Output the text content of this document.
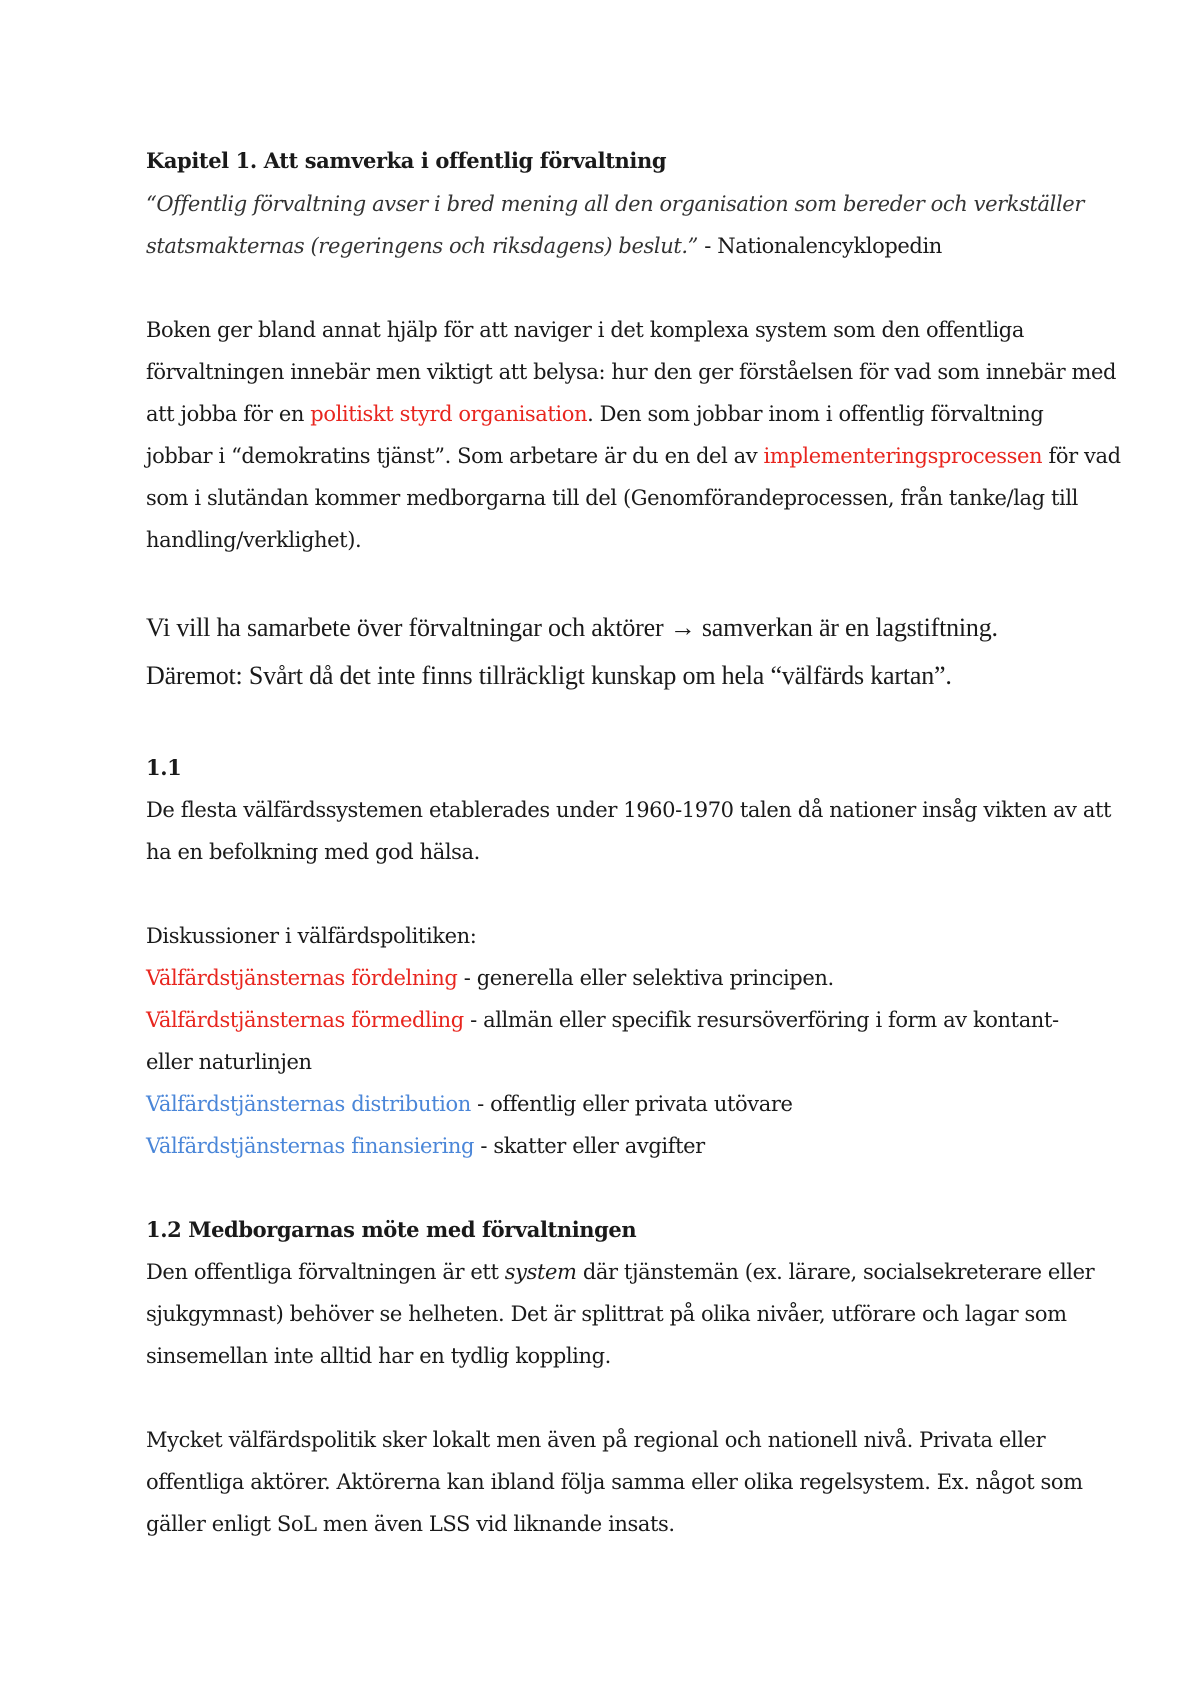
Kapitel 1. Att samverka i offentlig förvaltning
“Offentlig förvaltning avser i bred mening all den organisation som bereder och verkställer
statsmakternas (regeringens och riksdagens) beslut.” - Nationalencyklopedin
Boken ger bland annat hjälp för att naviger i det komplexa system som den offentliga
förvaltningen innebär men viktigt att belysa: hur den ger förståelsen för vad som innebär med
att jobba för en politiskt styrd organisation. Den som jobbar inom i offentlig förvaltning
jobbar i “demokratins tjänst”. Som arbetare är du en del av implementeringsprocessen för vad
som i slutändan kommer medborgarna till del (Genomförandeprocessen, från tanke/lag till
handling/verklighet).
Vi vill ha samarbete över förvaltningar och aktörer → samverkan är en lagstiftning.
Däremot: Svårt då det inte finns tillräckligt kunskap om hela “välfärds kartan”.
1.1
De flesta välfärdssystemen etablerades under 1960-1970 talen då nationer insåg vikten av att
ha en befolkning med god hälsa.
Diskussioner i välfärdspolitiken:
Välfärdstjänsternas fördelning - generella eller selektiva principen.
Välfärdstjänsternas förmedling - allmän eller specifik resursöverföring i form av kontant-
eller naturlinjen
Välfärdstjänsternas distribution - offentlig eller privata utövare
Välfärdstjänsternas finansiering - skatter eller avgifter
1.2 Medborgarnas möte med förvaltningen
Den offentliga förvaltningen är ett system där tjänstemän (ex. lärare, socialsekreterare eller
sjukgymnast) behöver se helheten. Det är splittrat på olika nivåer, utförare och lagar som
sinsemellan inte alltid har en tydlig koppling.
Mycket välfärdspolitik sker lokalt men även på regional och nationell nivå. Privata eller
offentliga aktörer. Aktörerna kan ibland följa samma eller olika regelsystem. Ex. något som
gäller enligt SoL men även LSS vid liknande insats.
